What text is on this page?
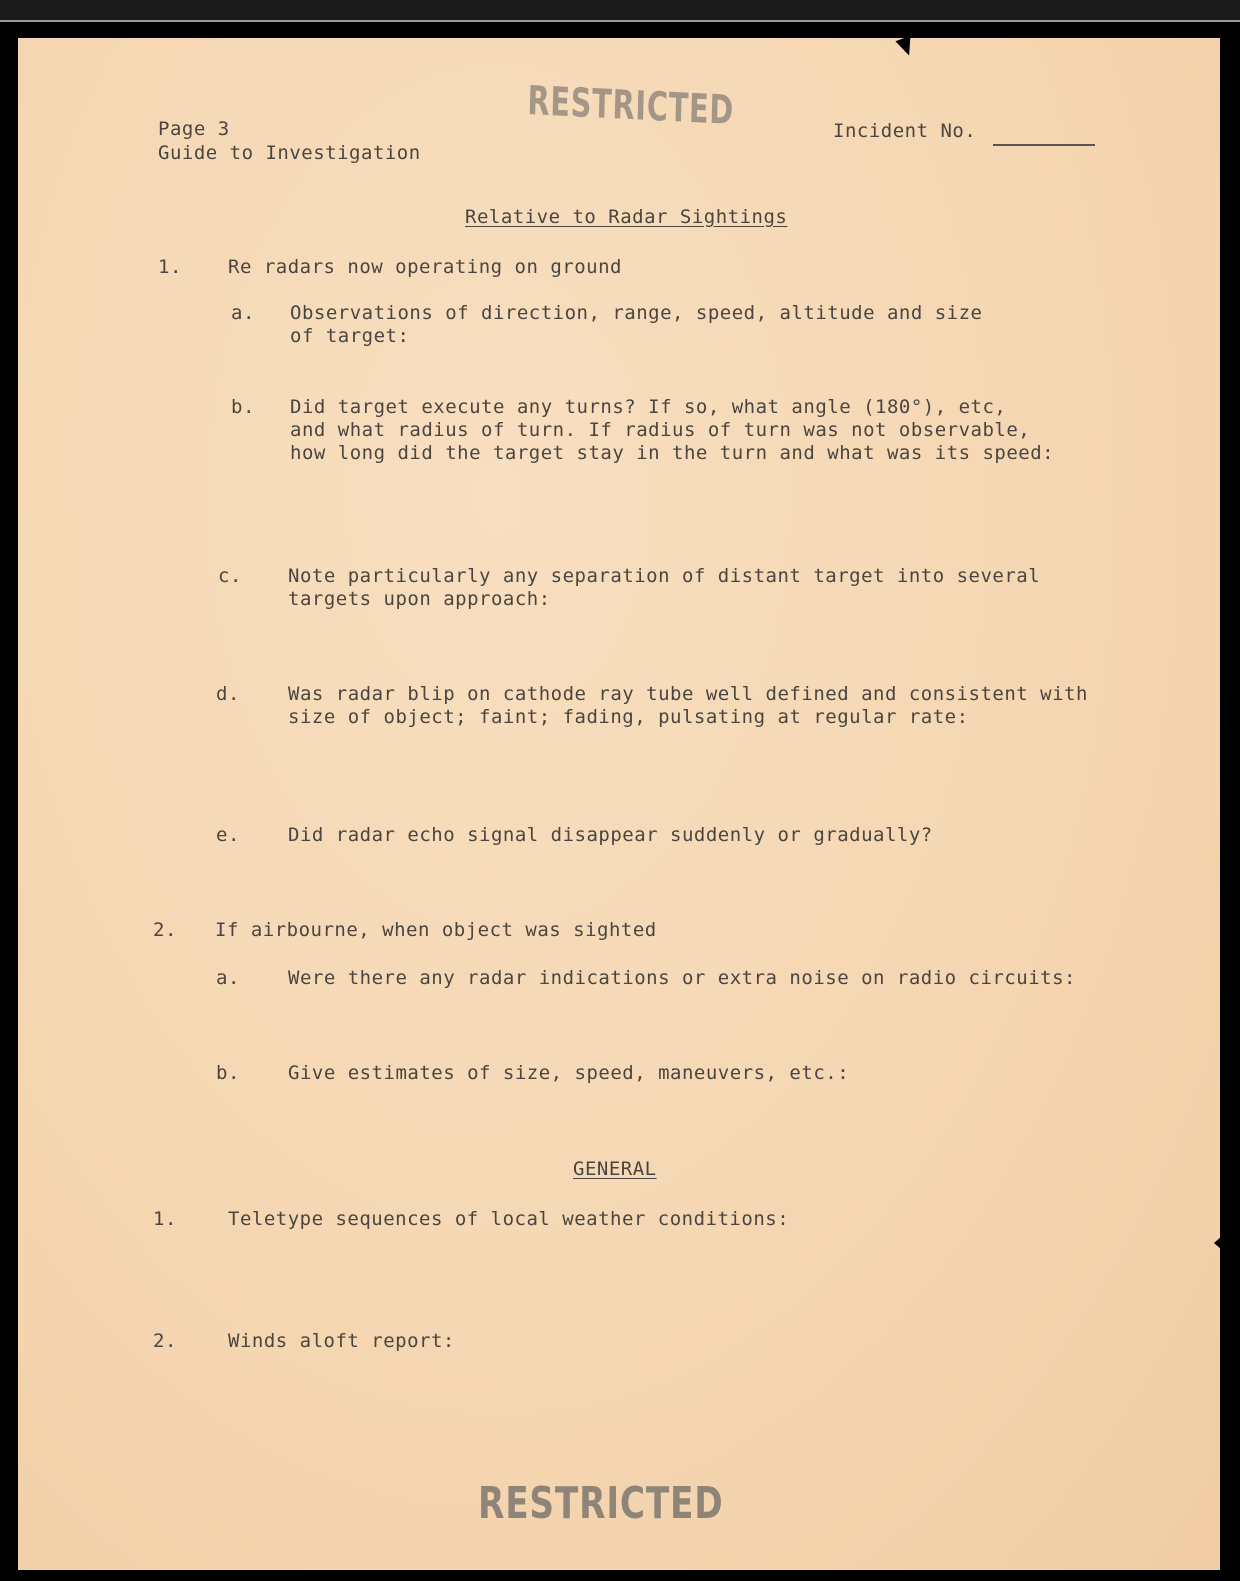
RESTRICTED
Page 3
Guide to Investigation
Incident No.
Relative to Radar Sightings
1. Re radars now operating on ground
a. Observations of direction, range, speed, altitude and size
of target:
b. Did target execute any turns? If so, what angle (180°), etc,
and what radius of turn. If radius of turn was not observable,
how long did the target stay in the turn and what was its speed:
c. Note particularly any separation of distant target into several
targets upon approach:
d.	Was radar blip on cathode ray tube well defined and consistent with
size of object; faint; fading, pulsating at regular rate:
e.	Did radar echo signal disappear suddenly or gradually?
2. If airbourne, when object was sighted
a.	Were there any radar indications or extra noise on radio circuits:
b.	Give estimates of size, speed, maneuvers, etc.:
GENERAL
1.	Teletype sequences of local weather conditions:
2.	Winds aloft report:
RESTRICTED
